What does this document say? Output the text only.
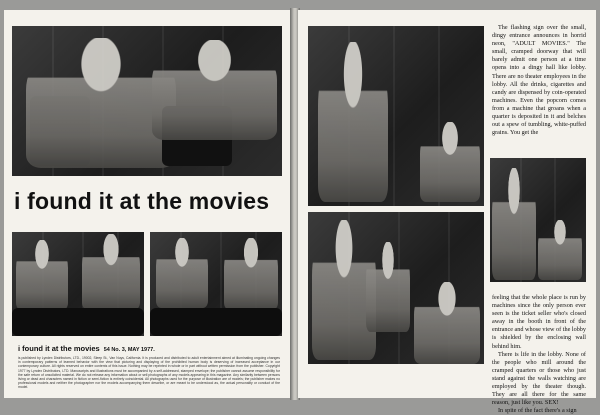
i found it at the movies
i found it at the movies 54 No. 3, MAY 1977.
is published by Lyndex Distributors, LTD., 19002, Sleep St., Van Nuys, California. It is produced and distributed to adult entertainment aimed at illuminating ongoing changes in contemporary patterns of learned behavior with the view that picturing and displaying of the prohibited human body is deserving of increased acceptance in our contemporary culture. All rights reserved on entire contents of this issue. Nothing may be reprinted in whole or in part without written permission from the publisher. Copyright 1977 by Lyndex Distributors, LTD. Manuscripts and illustrations must be accompanied by a self-addressed, stamped envelope; the publisher cannot assume responsibility for the safe return of unsolicited material. We do not release any information about or sell photographs of any models appearing in this magazine. Any similarity between persons living or dead and characters named in fiction or semi-fiction is entirely coincidental. All photographs used for the purpose of illustration are of models; the publisher makes no professional models and neither the photographer nor the models accompanying them describe, or are meant to be understood as, the actual personality or conduct of the model.

The flashing sign over the small, dingy entrance announces in horrid neon, "ADULT MOVIES." The small, cramped doorway that will barely admit one person at a time opens into a dingy hall like lobby. There are no theater employees in the lobby. All the drinks, cigarettes and candy are dispensed by coin-operated machines. Even the popcorn comes from a machine that groans when a quarter is deposited in it and belches out a spew of tumbling, white-puffed grains. You get the

feeling that the whole place is run by machines since the only person ever seen is the ticket seller who's closed away in the booth in front of the entrance and whose view of the lobby is shielded by the enclosing wall behind him.

There is life in the lobby. None of the people who mill around the cramped quarters or those who just stand against the walls watching are employed by the theater though. They are all there for the same reason, just like you. SEX!

In spite of the fact there's a sign
